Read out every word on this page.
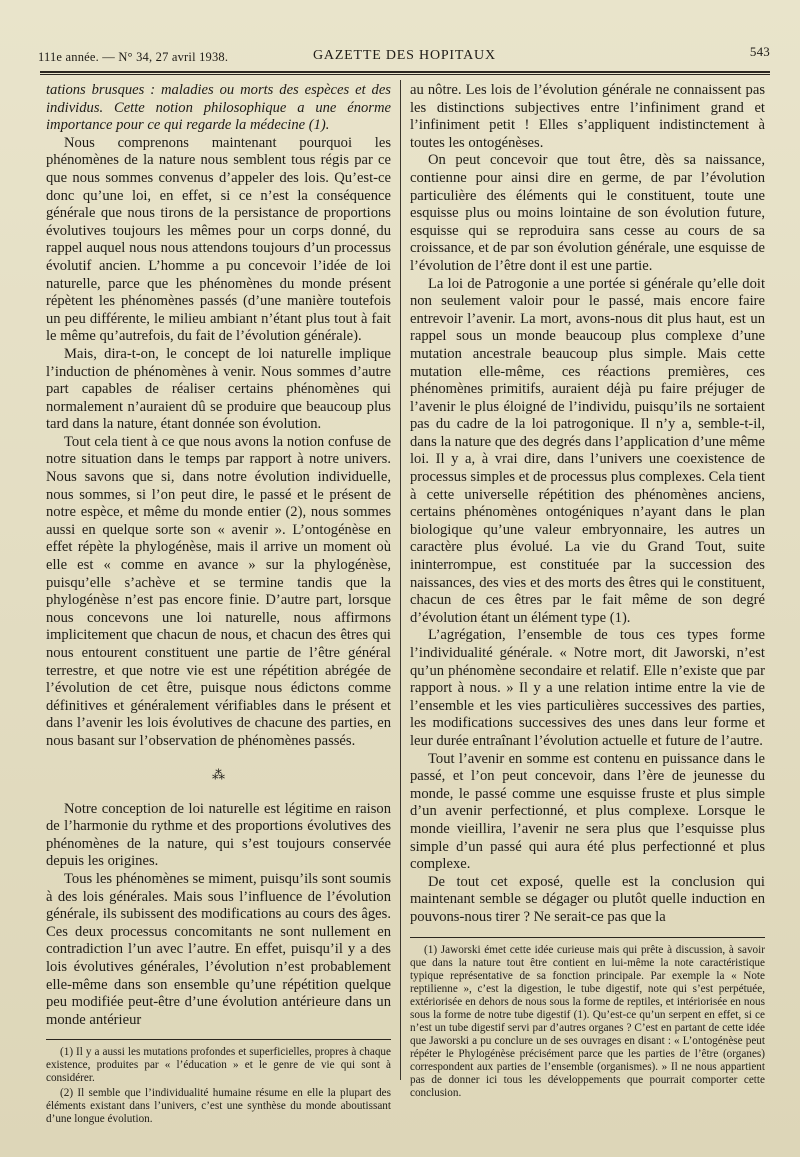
111e année. — N° 34, 27 avril 1938.	GAZETTE DES HOPITAUX	543

tations brusques : maladies ou morts des espèces et des individus. Cette notion philosophique a une énorme importance pour ce qui regarde la médecine (1).

Nous comprenons maintenant pourquoi les phénomènes de la nature nous semblent tous régis par ce que nous sommes convenus d’appeler des lois. Qu’est-ce donc qu’une loi, en effet, si ce n’est la conséquence générale que nous tirons de la persistance de proportions évolutives toujours les mêmes pour un corps donné, du rappel auquel nous nous attendons toujours d’un processus évolutif ancien. L’homme a pu concevoir l’idée de loi naturelle, parce que les phénomènes du monde présent répètent les phénomènes passés (d’une manière toutefois un peu différente, le milieu ambiant n’étant plus tout à fait le même qu’autrefois, du fait de l’évolution générale).

Mais, dira-t-on, le concept de loi naturelle implique l’induction de phénomènes à venir. Nous sommes d’autre part capables de réaliser certains phénomènes qui normalement n’auraient dû se produire que beaucoup plus tard dans la nature, étant donnée son évolution.

Tout cela tient à ce que nous avons la notion confuse de notre situation dans le temps par rapport à notre univers. Nous savons que si, dans notre évolution individuelle, nous sommes, si l’on peut dire, le passé et le présent de notre espèce, et même du monde entier (2), nous sommes aussi en quelque sorte son « avenir ». L’ontogénèse en effet répète la phylogénèse, mais il arrive un moment où elle est « comme en avance » sur la phylogénèse, puisqu’elle s’achève et se termine tandis que la phylogénèse n’est pas encore finie. D’autre part, lorsque nous concevons une loi naturelle, nous affirmons implicitement que chacun de nous, et chacun des êtres qui nous entourent constituent une partie de l’être général terrestre, et que notre vie est une répétition abrégée de l’évolution de cet être, puisque nous édictons comme définitives et généralement vérifiables dans le présent et dans l’avenir les lois évolutives de chacune des parties, en nous basant sur l’observation de phénomènes passés.

⁂

Notre conception de loi naturelle est légitime en raison de l’harmonie du rythme et des proportions évolutives des phénomènes de la nature, qui s’est toujours conservée depuis les origines.

Tous les phénomènes se miment, puisqu’ils sont soumis à des lois générales. Mais sous l’influence de l’évolution générale, ils subissent des modifications au cours des âges. Ces deux processus concomitants ne sont nullement en contradiction l’un avec l’autre. En effet, puisqu’il y a des lois évolutives générales, l’évolution n’est probablement elle-même dans son ensemble qu’une répétition quelque peu modifiée peut-être d’une évolution antérieure dans un monde antérieur

(1) Il y a aussi les mutations profondes et superficielles, propres à chaque existence, produites par « l’éducation » et le genre de vie qui sont à considérer.

(2) Il semble que l’individualité humaine résume en elle la plupart des éléments existant dans l’univers, c’est une synthèse du monde aboutissant d’une longue évolution.

au nôtre. Les lois de l’évolution générale ne connaissent pas les distinctions subjectives entre l’infiniment grand et l’infiniment petit ! Elles s’appliquent indistinctement à toutes les ontogénèses.

On peut concevoir que tout être, dès sa naissance, contienne pour ainsi dire en germe, de par l’évolution particulière des éléments qui le constituent, toute une esquisse plus ou moins lointaine de son évolution future, esquisse qui se reproduira sans cesse au cours de sa croissance, et de par son évolution générale, une esquisse de l’évolution de l’être dont il est une partie.

La loi de Patrogonie a une portée si générale qu’elle doit non seulement valoir pour le passé, mais encore faire entrevoir l’avenir. La mort, avons-nous dit plus haut, est un rappel sous un monde beaucoup plus complexe d’une mutation ancestrale beaucoup plus simple. Mais cette mutation elle-même, ces réactions premières, ces phénomènes primitifs, auraient déjà pu faire préjuger de l’avenir le plus éloigné de l’individu, puisqu’ils ne sortaient pas du cadre de la loi patrogonique. Il n’y a, semble-t-il, dans la nature que des degrés dans l’application d’une même loi. Il y a, à vrai dire, dans l’univers une coexistence de processus simples et de processus plus complexes. Cela tient à cette universelle répétition des phénomènes anciens, certains phénomènes ontogéniques n’ayant dans le plan biologique qu’une valeur embryonnaire, les autres un caractère plus évolué. La vie du Grand Tout, suite ininterrompue, est constituée par la succession des naissances, des vies et des morts des êtres qui le constituent, chacun de ces êtres par le fait même de son degré d’évolution étant un élément type (1).

L’agrégation, l’ensemble de tous ces types forme l’individualité générale. « Notre mort, dit Jaworski, n’est qu’un phénomène secondaire et relatif. Elle n’existe que par rapport à nous. » Il y a une relation intime entre la vie de l’ensemble et les vies particulières successives des parties, les modifications successives des unes dans leur forme et leur durée entraînant l’évolution actuelle et future de l’autre.

Tout l’avenir en somme est contenu en puissance dans le passé, et l’on peut concevoir, dans l’ère de jeunesse du monde, le passé comme une esquisse fruste et plus simple d’un avenir perfectionné, et plus complexe. Lorsque le monde vieillira, l’avenir ne sera plus que l’esquisse plus simple d’un passé qui aura été plus perfectionné et plus complexe.

De tout cet exposé, quelle est la conclusion qui maintenant semble se dégager ou plutôt quelle induction en pouvons-nous tirer ? Ne serait-ce pas que la

(1) Jaworski émet cette idée curieuse mais qui prête à discussion, à savoir que dans la nature tout être contient en lui-même la note caractéristique typique représentative de sa fonction principale. Par exemple la « Note reptilienne », c’est la digestion, le tube digestif, note qui s’est perpétuée, extériorisée en dehors de nous sous la forme de reptiles, et intériorisée en nous sous la forme de notre tube digestif (1). Qu’est-ce qu’un serpent en effet, si ce n’est un tube digestif servi par d’autres organes ? C’est en partant de cette idée que Jaworski a pu conclure un de ses ouvrages en disant : « L’ontogénèse peut répéter le Phylogénèse précisément parce que les parties de l’être (organes) correspondent aux parties de l’ensemble (organismes). » Il ne nous appartient pas de donner ici tous les développements que pourrait comporter cette conclusion.
